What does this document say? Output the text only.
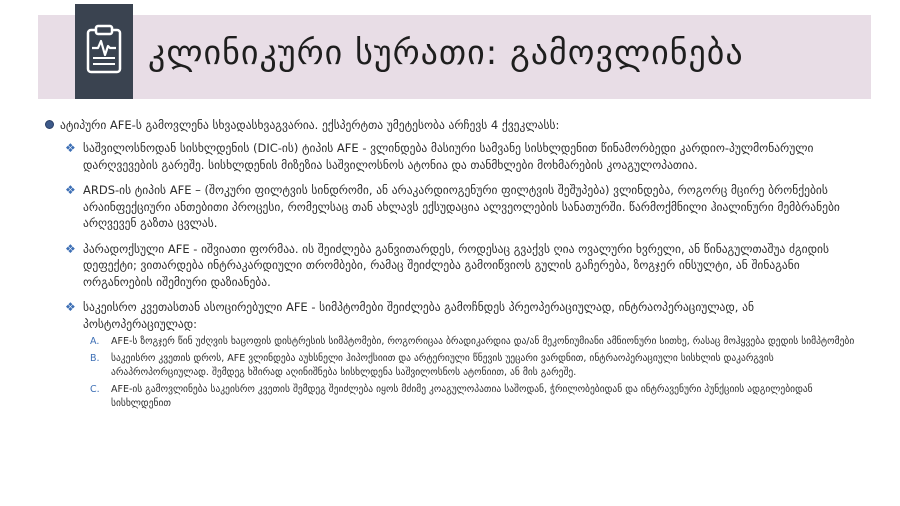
კლინიკური სურათი: გამოვლინება
ატიპური AFE-ს გამოვლენა სხვადასხვაგვარია. ექსპერტთა უმეტესობა არჩევს 4 ქვეკლასს:
❖ საშვილოსნოდან სისხლდენის (DIC-ის) ტიპის AFE - ვლინდება მასიური სამვანე სისხლდენით წინამორბედი კარდიო-პულმონარული დარღვევების გარეშე. სისხლდენის მიზეზია საშვილოსნოს ატონია და თანმხლები მოხმარების კოაგულოპათია.
❖ ARDS-ის ტიპის AFE – (შოკური ფილტვის სინდრომი, ან არაკარდიოგენური ფილტვის შეშუპება) ვლინდება, როგორც მცირე ბრონქების არაინფექციური ანთებითი პროცესი, რომელსაც თან ახლავს ექსუდაცია ალვეოლების სანათურში. წარმოქმნილი ჰიალინური მემბრანები არღვევენ გაზთა ცვლას.
❖ პარადოქსული AFE - იშვიათი ფორმაა. ის შეიძლება განვითარდეს, როდესაც გვაქვს ღია ოვალური ხვრელი, ან წინაგულთაშუა ძგიდის დეფექტი; ვითარდება ინტრაკარდიული თრომბები, რამაც შეიძლება გამოიწვიოს გულის გაჩერება, ზოგჯერ ინსულტი, ან შინაგანი ორგანოების იშემიური დაზიანება.
❖ საკეისრო კვეთასთან ასოცირებული AFE - სიმპტომები შეიძლება გამოჩნდეს პრეოპერაციულად, ინტრაოპერაციულად, ან პოსტოპერაციულად:
A.	AFE-ს ზოგჯერ წინ უძღვის ხაცოფის დისტრესის სიმპტომები, როგორიცაა ბრადიკარდია და/ან მეკონიუმიანი ამნიონური სითხე, რასაც მოჰყვება დედის სიმპტომები
B.	საკეისრო კვეთის დროს, AFE ვლინდება აუხსნელი ჰიპოქსიით და არტერიული წნევის უეცარი ვარდნით, ინტრაოპერაციული სისხლის დაკარგვის არაპროპორციულად. შემდეგ ხშირად აღინიშნება სისხლდენა საშვილოსნოს ატონიით, ან მის გარეშე.
C.	AFE-ის გამოვლინება საკეისრო კვეთის შემდეგ შეიძლება იყოს მძიმე კოაგულოპათია საშოდან, ჭრილობებიდან და ინტრავენური პუნქციის ადგილებიდან სისხლდენით
